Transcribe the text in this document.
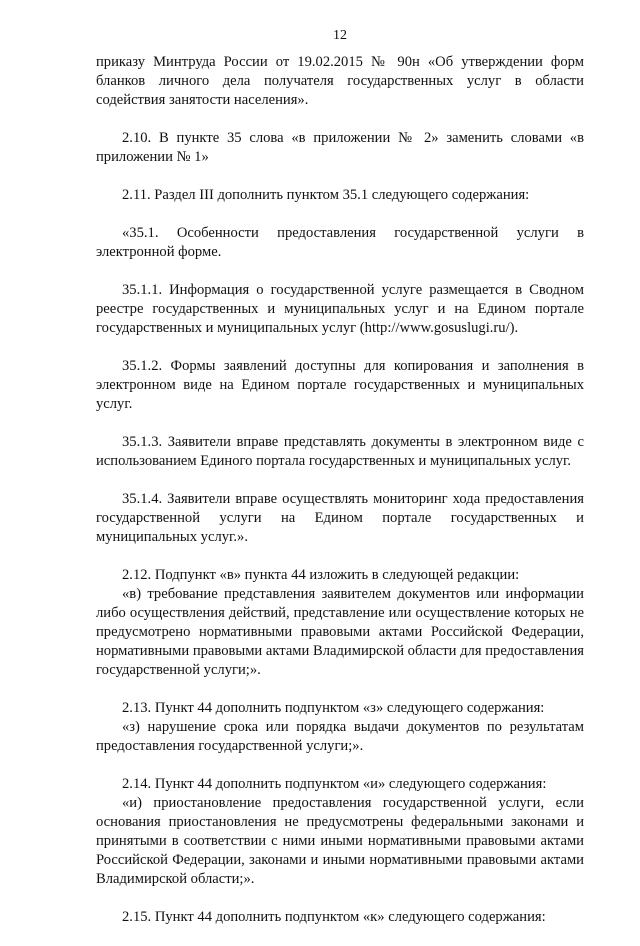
12

приказу Минтруда России от 19.02.2015 № 90н «Об утверждении форм бланков личного дела получателя государственных услуг в области содействия занятости населения».

2.10. В пункте 35 слова «в приложении № 2» заменить словами «в приложении № 1»

2.11. Раздел III дополнить пунктом 35.1 следующего содержания:

«35.1. Особенности предоставления государственной услуги в электронной форме.

35.1.1. Информация о государственной услуге размещается в Сводном реестре государственных и муниципальных услуг и на Едином портале государственных и муниципальных услуг (http://www.gosuslugi.ru/).

35.1.2. Формы заявлений доступны для копирования и заполнения в электронном виде на Едином портале государственных и муниципальных услуг.

35.1.3. Заявители вправе представлять документы в электронном виде с использованием Единого портала государственных и муниципальных услуг.

35.1.4. Заявители вправе осуществлять мониторинг хода предоставления государственной услуги на Едином портале государственных и муниципальных услуг.».

2.12. Подпункт «в» пункта 44 изложить в следующей редакции:

«в) требование представления заявителем документов или информации либо осуществления действий, представление или осуществление которых не предусмотрено нормативными правовыми актами Российской Федерации, нормативными правовыми актами Владимирской области для предоставления государственной услуги;».

2.13. Пункт 44 дополнить подпунктом «з» следующего содержания:

«з) нарушение срока или порядка выдачи документов по результатам предоставления государственной услуги;».

2.14. Пункт 44 дополнить подпунктом «и» следующего содержания:

«и) приостановление предоставления государственной услуги, если основания приостановления не предусмотрены федеральными законами и принятыми в соответствии с ними иными нормативными правовыми актами Российской Федерации, законами и иными нормативными правовыми актами Владимирской области;».

2.15. Пункт 44 дополнить подпунктом «к» следующего содержания:
